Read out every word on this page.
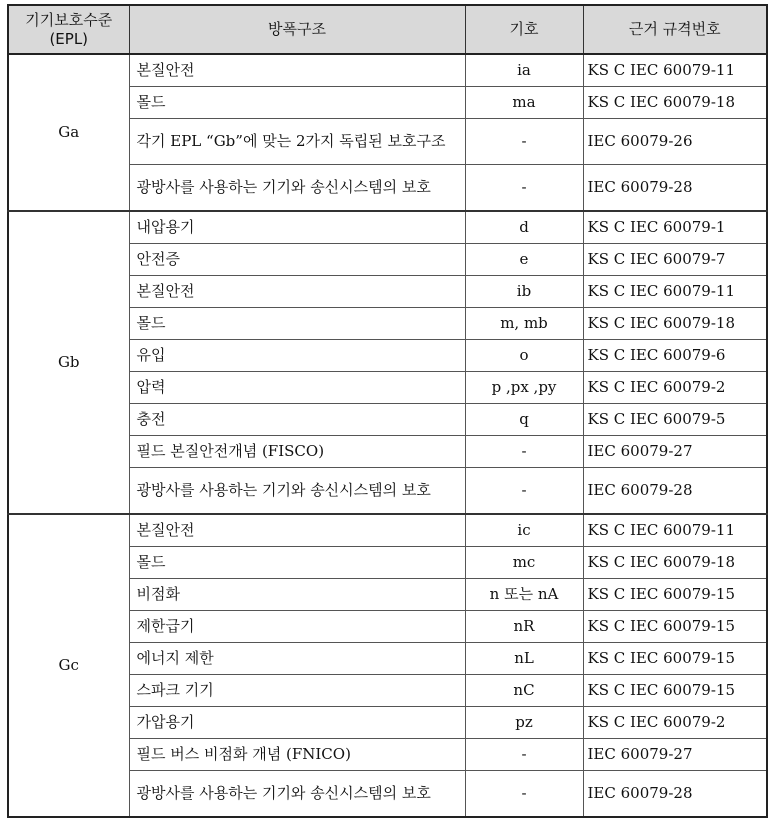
기기보호수준
(EPL)	방폭구조	기호	근거 규격번호
Ga	본질안전	ia	KS C IEC 60079-11
	몰드	ma	KS C IEC 60079-18
	각기 EPL “Gb”에 맞는 2가지 독립된 보호구조	-	IEC 60079-26
	광방사를 사용하는 기기와 송신시스템의 보호	-	IEC 60079-28
Gb	내압용기	d	KS C IEC 60079-1
	안전증	e	KS C IEC 60079-7
	본질안전	ib	KS C IEC 60079-11
	몰드	m, mb	KS C IEC 60079-18
	유입	o	KS C IEC 60079-6
	압력	p ,px ,py	KS C IEC 60079-2
	충전	q	KS C IEC 60079-5
	필드 본질안전개념 (FISCO)	-	IEC 60079-27
	광방사를 사용하는 기기와 송신시스템의 보호	-	IEC 60079-28
Gc	본질안전	ic	KS C IEC 60079-11
	몰드	mc	KS C IEC 60079-18
	비점화	n 또는 nA	KS C IEC 60079-15
	제한급기	nR	KS C IEC 60079-15
	에너지 제한	nL	KS C IEC 60079-15
	스파크 기기	nC	KS C IEC 60079-15
	가압용기	pz	KS C IEC 60079-2
	필드 버스 비점화 개념 (FNICO)	-	IEC 60079-27
	광방사를 사용하는 기기와 송신시스템의 보호	-	IEC 60079-28
